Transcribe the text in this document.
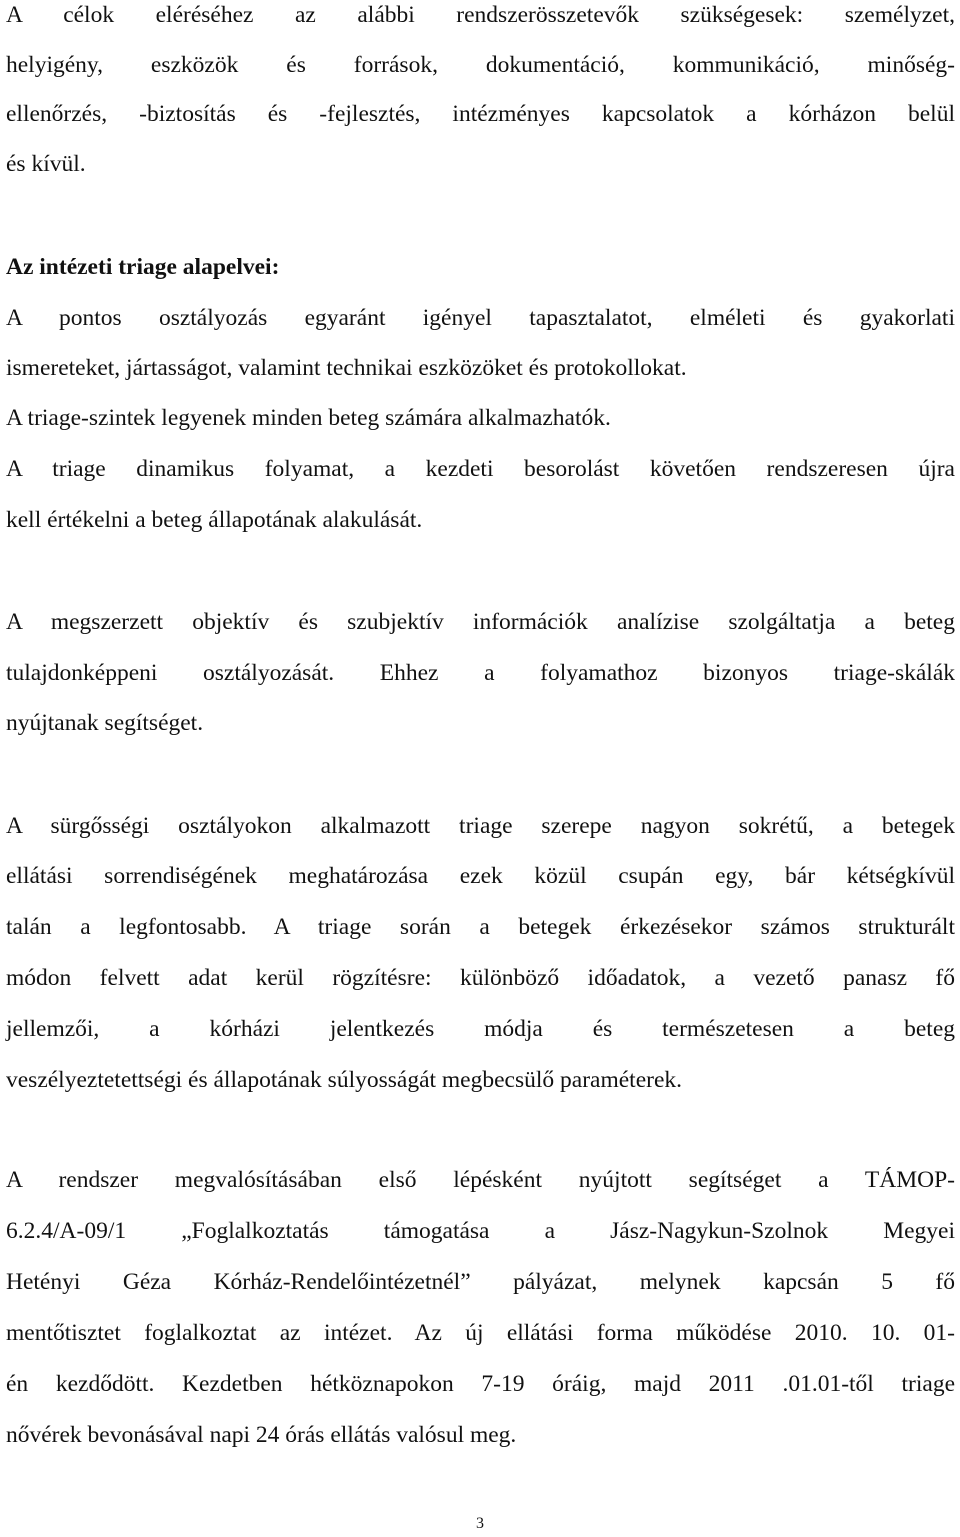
A célok eléréséhez az alábbi rendszerösszetevők szükségesek: személyzet,
helyigény, eszközök és források, dokumentáció, kommunikáció, minőség-
ellenőrzés, -biztosítás és -fejlesztés, intézményes kapcsolatok a kórházon belül
és kívül.
Az intézeti triage alapelvei:
A pontos osztályozás egyaránt igényel tapasztalatot, elméleti és gyakorlati
ismereteket, jártasságot, valamint technikai eszközöket és protokollokat.
A triage-szintek legyenek minden beteg számára alkalmazhatók.
A triage dinamikus folyamat, a kezdeti besorolást követően rendszeresen újra
kell értékelni a beteg állapotának alakulását.
A megszerzett objektív és szubjektív információk analízise szolgáltatja a beteg
tulajdonképpeni osztályozását. Ehhez a folyamathoz bizonyos triage-skálák
nyújtanak segítséget.
A sürgősségi osztályokon alkalmazott triage szerepe nagyon sokrétű, a betegek
ellátási sorrendiségének meghatározása ezek közül csupán egy, bár kétségkívül
talán a legfontosabb. A triage során a betegek érkezésekor számos strukturált
módon felvett adat kerül rögzítésre: különböző időadatok, a vezető panasz fő
jellemzői, a kórházi jelentkezés módja és természetesen a beteg
veszélyeztetettségi és állapotának súlyosságát megbecsülő paraméterek.
A rendszer megvalósításában első lépésként nyújtott segítséget a TÁMOP-
6.2.4/A-09/1 „Foglalkoztatás támogatása a Jász-Nagykun-Szolnok Megyei
Hetényi Géza Kórház-Rendelőintézetnél” pályázat, melynek kapcsán 5 fő
mentőtisztet foglalkoztat az intézet. Az új ellátási forma működése 2010. 10. 01-
én kezdődött. Kezdetben hétköznapokon 7-19 óráig, majd 2011 .01.01-től triage
nővérek bevonásával napi 24 órás ellátás valósul meg.
3
